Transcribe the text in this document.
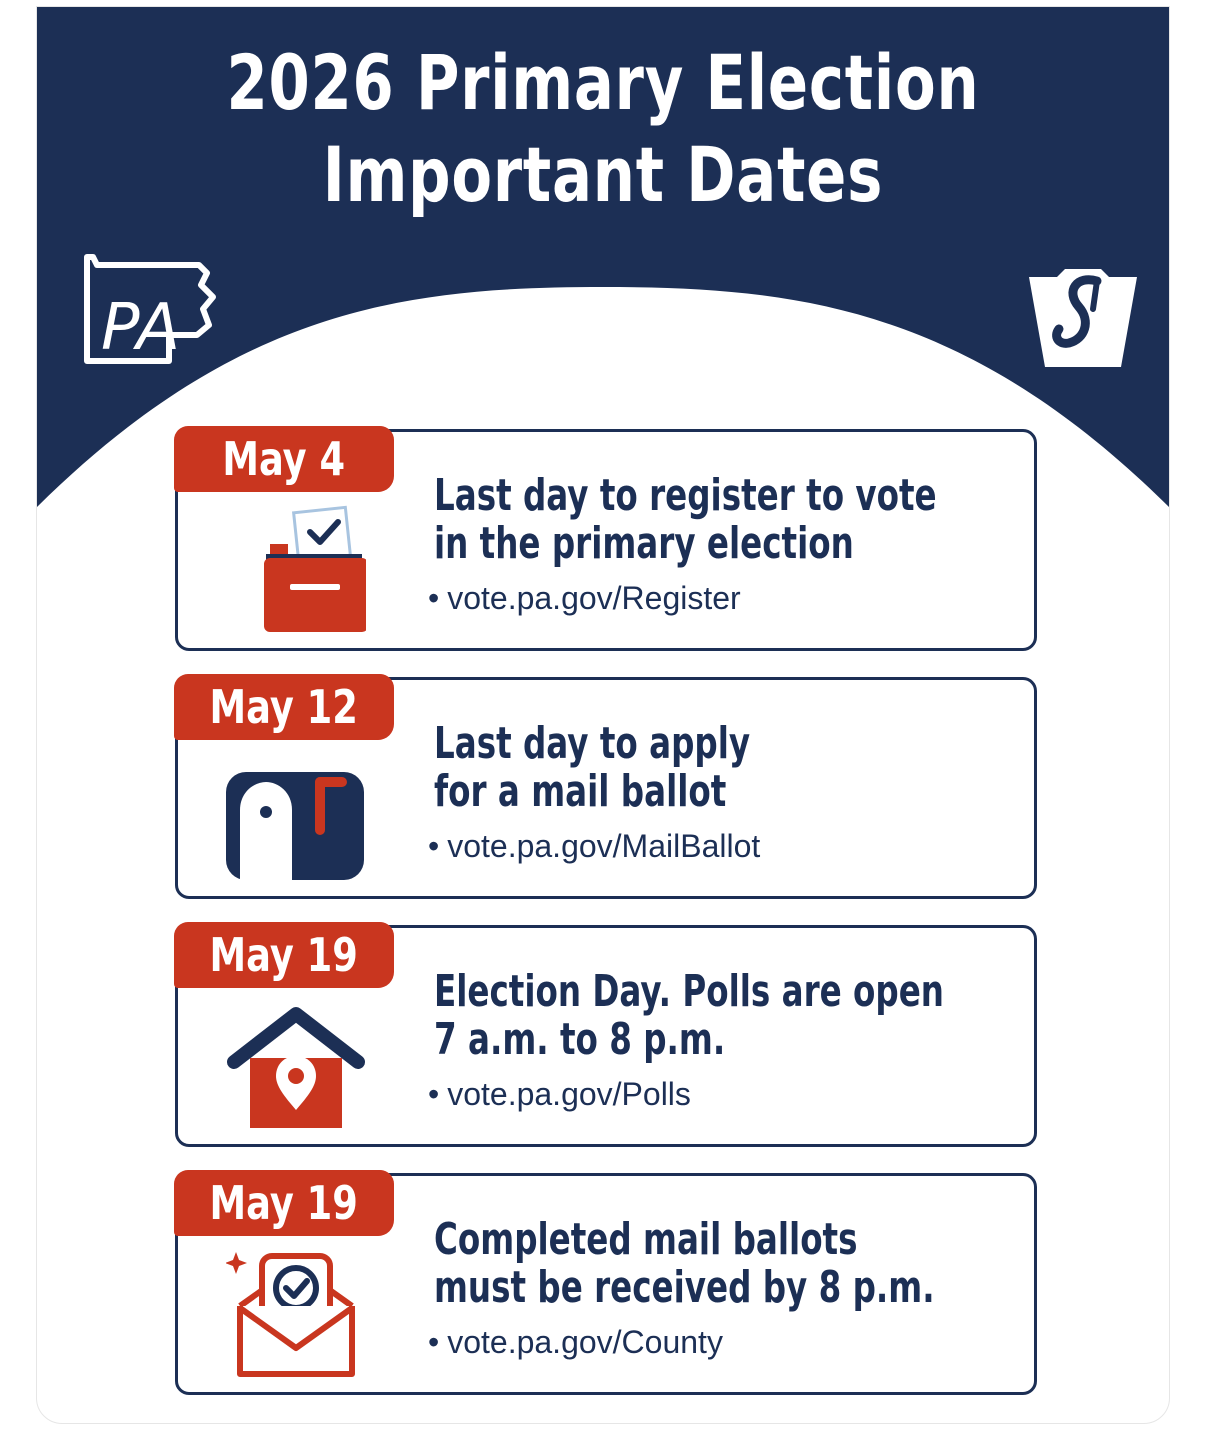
2026 Primary Election
Important Dates
PA
May 4
Last day to register to vote
in the primary election
• vote.pa.gov/Register
May 12
Last day to apply
for a mail ballot
• vote.pa.gov/MailBallot
May 19
Election Day. Polls are open
7 a.m. to 8 p.m.
• vote.pa.gov/Polls
May 19
Completed mail ballots
must be received by 8 p.m.
• vote.pa.gov/County
